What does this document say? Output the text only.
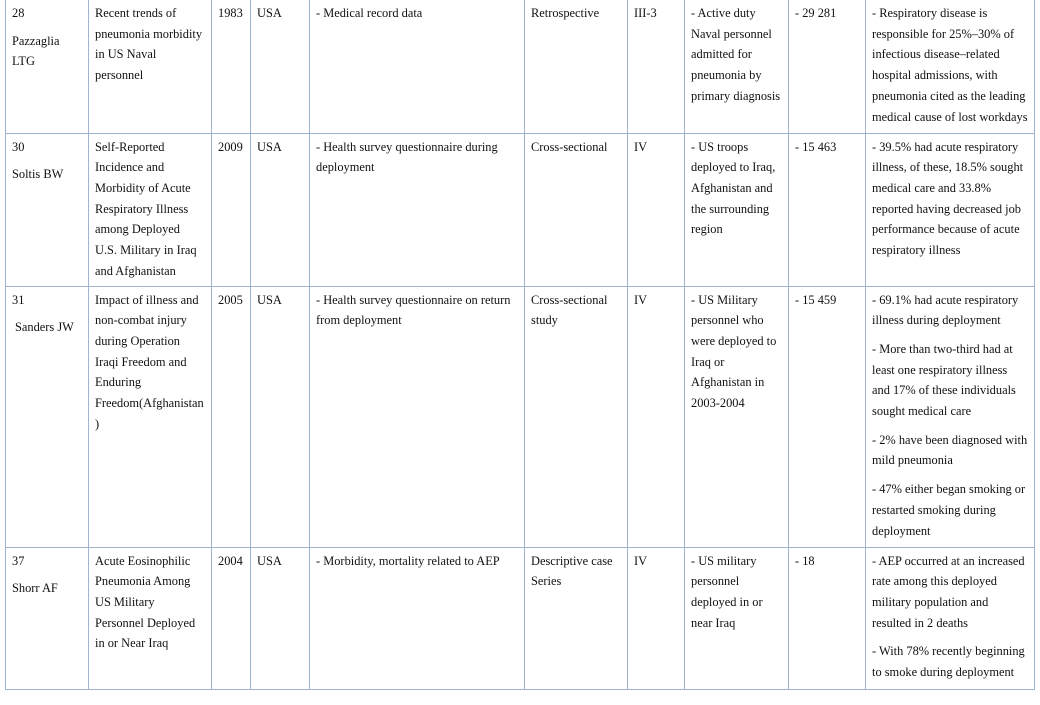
28
Pazzaglia LTG	Recent trends of pneumonia morbidity in US Naval personnel	1983	USA	- Medical record data	Retrospective	III-3	- Active duty Naval personnel admitted for pneumonia by primary diagnosis	- 29 281	- Respiratory disease is responsible for 25%–30% of infectious disease–related hospital admissions, with pneumonia cited as the leading medical cause of lost workdays

30
Soltis BW	Self-Reported Incidence and Morbidity of Acute Respiratory Illness among Deployed U.S. Military in Iraq and Afghanistan	2009	USA	- Health survey questionnaire during deployment	Cross-sectional	IV	- US troops deployed to Iraq, Afghanistan and the surrounding region	- 15 463	- 39.5% had acute respiratory illness, of these, 18.5% sought medical care and 33.8% reported having decreased job performance because of acute respiratory illness

31
Sanders JW	Impact of illness and non-combat injury during Operation Iraqi Freedom and Enduring Freedom(Afghanistan)	2005	USA	- Health survey questionnaire on return from deployment	Cross-sectional study	IV	- US Military personnel who were deployed to Iraq or Afghanistan in 2003-2004	- 15 459	- 69.1% had acute respiratory illness during deployment
- More than two-third had at least one respiratory illness and 17% of these individuals sought medical care
- 2% have been diagnosed with mild pneumonia
- 47% either began smoking or restarted smoking during deployment

37
Shorr AF	Acute Eosinophilic Pneumonia Among US Military Personnel Deployed in or Near Iraq	2004	USA	- Morbidity, mortality related to AEP	Descriptive case Series	IV	- US military personnel deployed in or near Iraq	- 18	- AEP occurred at an increased rate among this deployed military population and resulted in 2 deaths
- With 78% recently beginning to smoke during deployment
